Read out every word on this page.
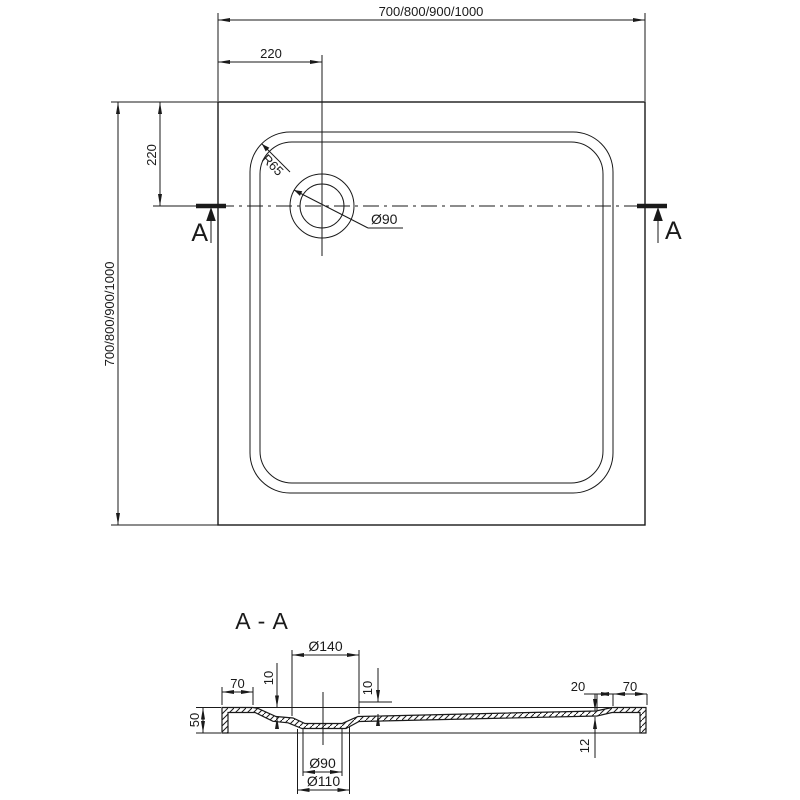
A	A
700/800/900/1000
220
700/800/900/1000
220	R65
Ø90
A - A
Ø140
70 10
10
50
20	70
12
Ø90
Ø110
